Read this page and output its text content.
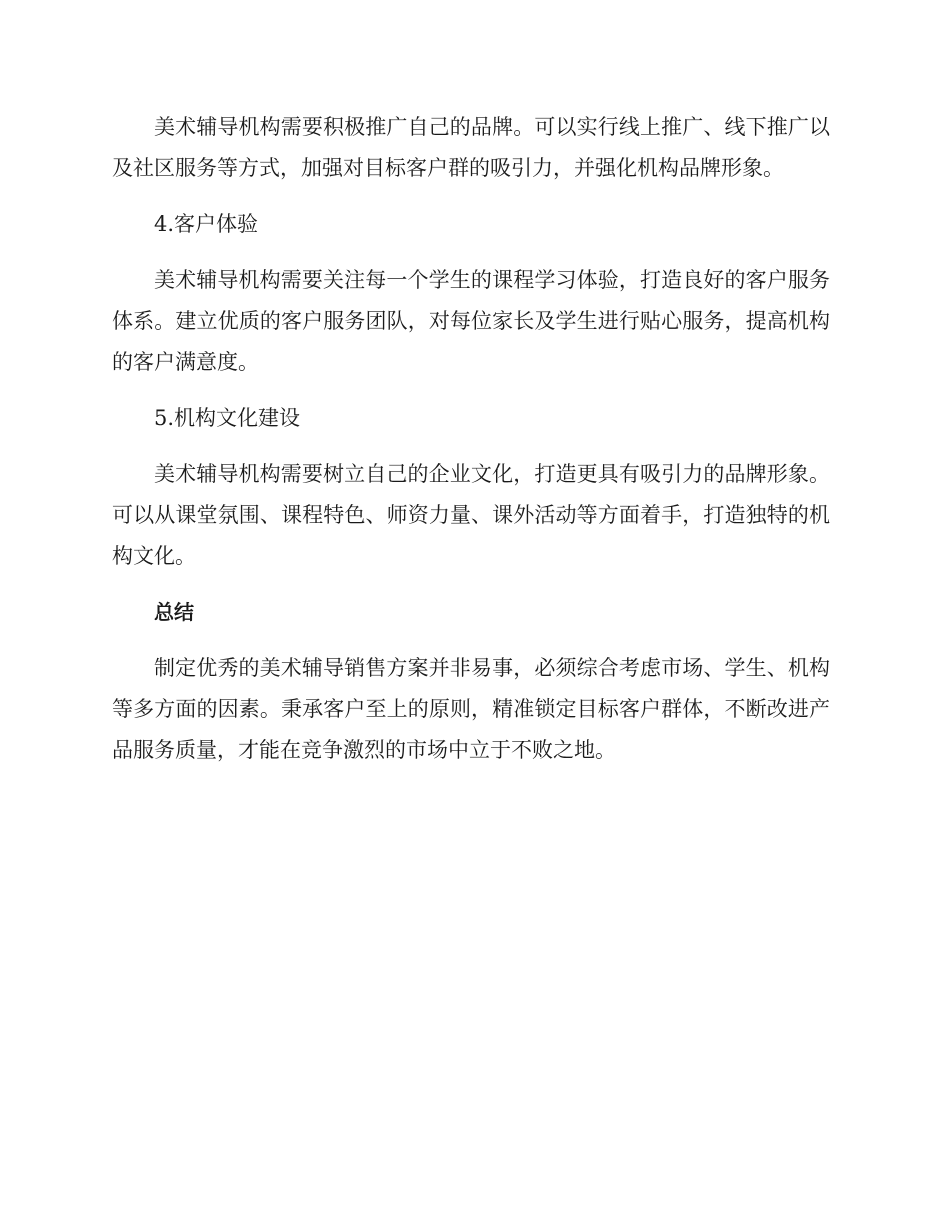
美术辅导机构需要积极推广自己的品牌。可以实行线上推广、线下推广以及社区服务等方式，加强对目标客户群的吸引力，并强化机构品牌形象。

4.客户体验

美术辅导机构需要关注每一个学生的课程学习体验，打造良好的客户服务体系。建立优质的客户服务团队，对每位家长及学生进行贴心服务，提高机构的客户满意度。

5.机构文化建设

美术辅导机构需要树立自己的企业文化，打造更具有吸引力的品牌形象。可以从课堂氛围、课程特色、师资力量、课外活动等方面着手，打造独特的机构文化。

总结

制定优秀的美术辅导销售方案并非易事，必须综合考虑市场、学生、机构等多方面的因素。秉承客户至上的原则，精准锁定目标客户群体，不断改进产品服务质量，才能在竞争激烈的市场中立于不败之地。
